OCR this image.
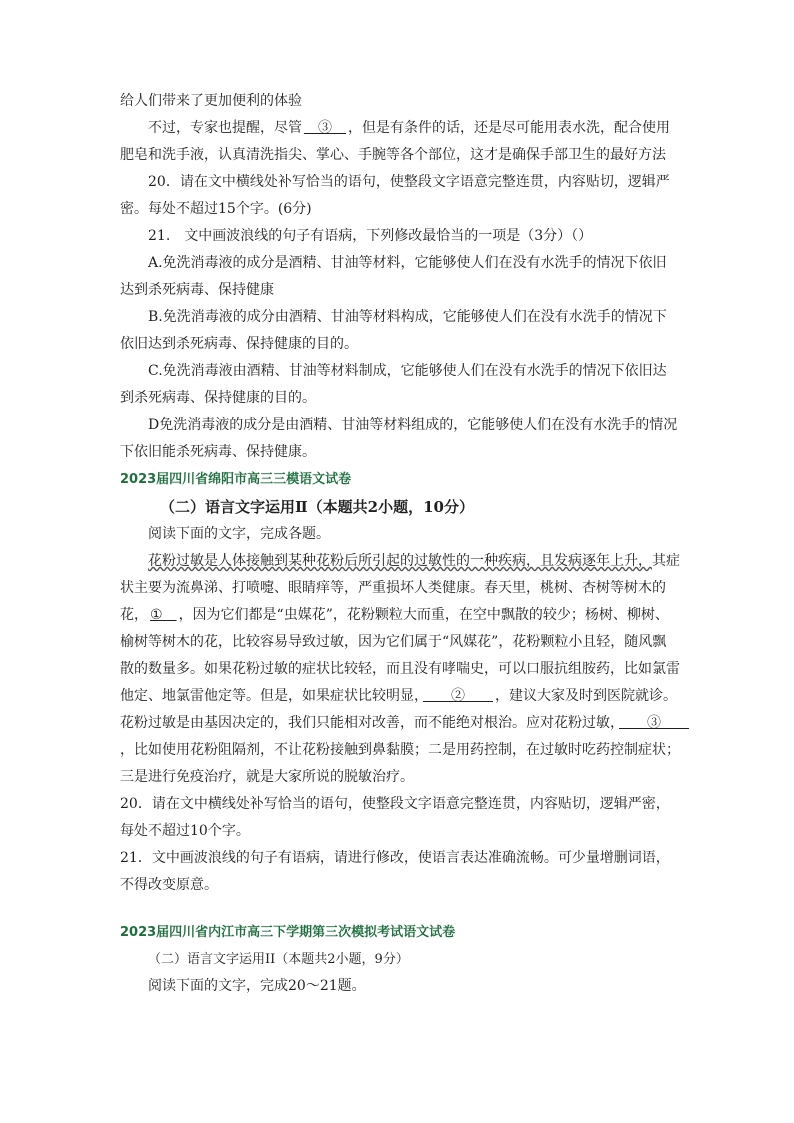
给人们带来了更加便利的体验

不过，专家也提醒，尽管　③　，但是有条件的话，还是尽可能用表水洗，配合使用肥皂和洗手液，认真清洗指尖、掌心、手腕等各个部位，这才是确保手部卫生的最好方法

20．请在文中横线处补写恰当的语句，使整段文字语意完整连贯，内容贴切，逻辑严密。每处不超过15个字。(6分)

21.　文中画波浪线的句子有语病，下列修改最恰当的一项是（3分）（）

A.免洗消毒液的成分是酒精、甘油等材料，它能够使人们在没有水洗手的情况下依旧达到杀死病毒、保持健康

B.免洗消毒液的成分由酒精、甘油等材料构成，它能够使人们在没有水洗手的情况下依旧达到杀死病毒、保持健康的目的。

C.免洗消毒液由酒精、甘油等材料制成，它能够使人们在没有水洗手的情况下依旧达到杀死病毒、保持健康的目的。

D免洗消毒液的成分是由酒精、甘油等材料组成的，它能够使人们在没有水洗手的情况下依旧能杀死病毒、保持健康。

2023届四川省绵阳市高三三模语文试卷

（二）语言文字运用Ⅱ（本题共2小题，10分）

阅读下面的文字，完成各题。

花粉过敏是人体接触到某种花粉后所引起的过敏性的一种疾病，且发病逐年上升，其症状主要为流鼻涕、打喷嚏、眼睛痒等，严重损坏人类健康。春天里，桃树、杏树等树木的花， ①　，因为它们都是“虫媒花”，花粉颗粒大而重，在空中飘散的较少；杨树、柳树、榆树等树木的花，比较容易导致过敏，因为它们属于“风媒花”，花粉颗粒小且轻，随风飘散的数量多。如果花粉过敏的症状比较轻，而且没有哮喘史，可以口服抗组胺药，比如氯雷他定、地氯雷他定等。但是，如果症状比较明显，　　②　　，建议大家及时到医院就诊。花粉过敏是由基因决定的，我们只能相对改善，而不能绝对根治。应对花粉过敏，　　③　　，比如使用花粉阻隔剂，不让花粉接触到鼻黏膜；二是用药控制，在过敏时吃药控制症状；三是进行免疫治疗，就是大家所说的脱敏治疗。

20．请在文中横线处补写恰当的语句，使整段文字语意完整连贯，内容贴切，逻辑严密，每处不超过10个字。

21．文中画波浪线的句子有语病，请进行修改，使语言表达准确流畅。可少量增删词语，不得改变原意。

2023届四川省内江市高三下学期第三次模拟考试语文试卷

（二）语言文字运用II（本题共2小题，9分）

阅读下面的文字，完成20～21题。
